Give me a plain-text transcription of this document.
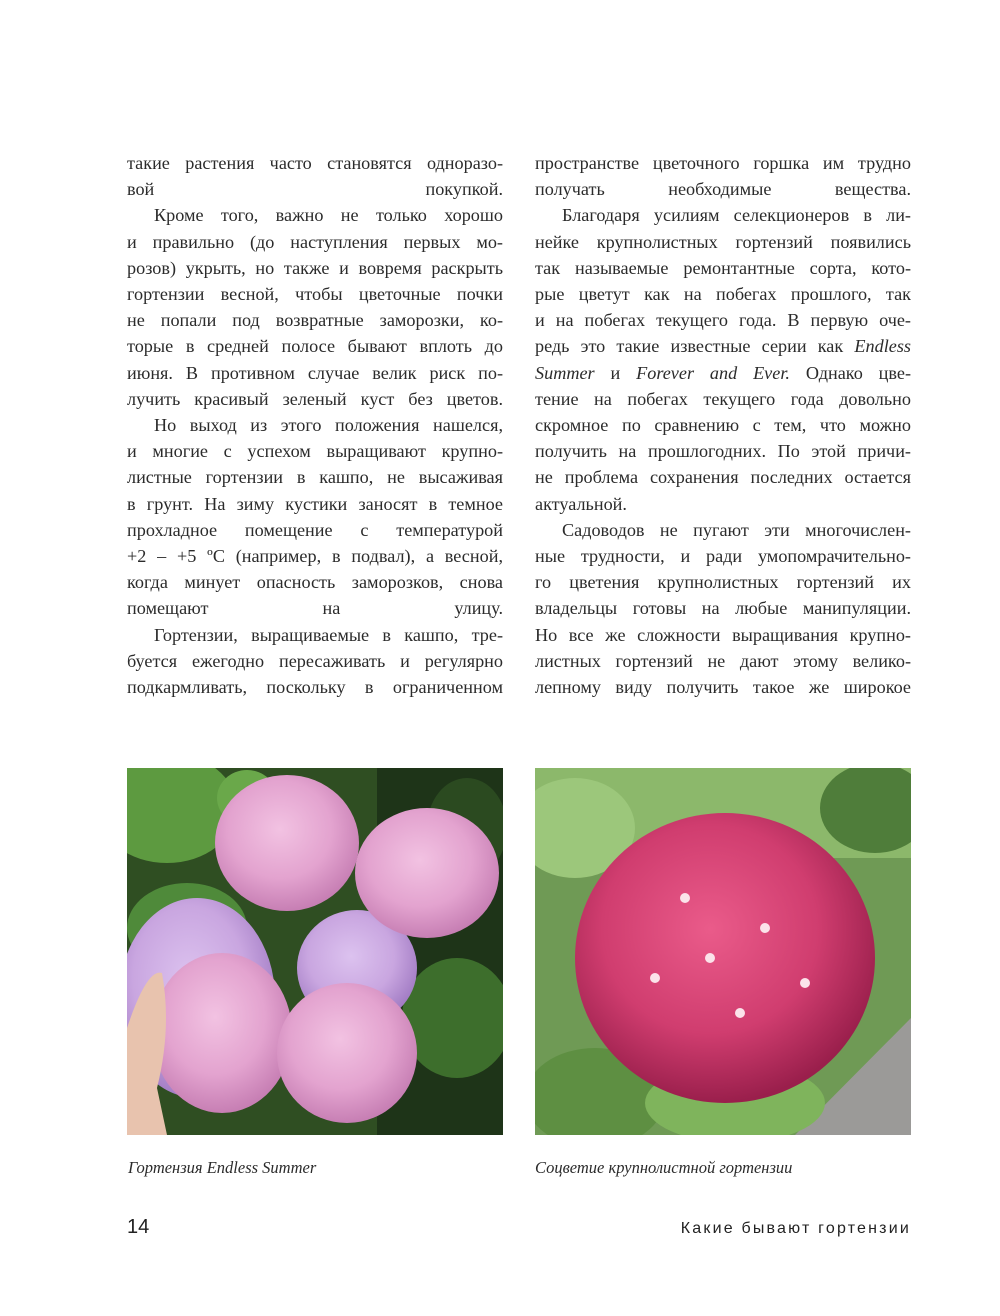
такие растения часто становятся одноразо-
вой покупкой.

Кроме того, важно не только хорошо
и правильно (до наступления первых мо-
розов) укрыть, но также и вовремя раскрыть
гортензии весной, чтобы цветочные почки
не попали под возвратные заморозки, ко-
торые в средней полосе бывают вплоть до
июня. В противном случае велик риск по-
лучить красивый зеленый куст без цветов.

Но выход из этого положения нашелся,
и многие с успехом выращивают крупно-
листные гортензии в кашпо, не высаживая
в грунт. На зиму кустики заносят в темное
прохладное помещение с температурой
+2 – +5 ºC (например, в подвал), а весной,
когда минует опасность заморозков, снова
помещают на улицу.

Гортензии, выращиваемые в кашпо, тре-
буется ежегодно пересаживать и регулярно
подкармливать, поскольку в ограниченном

пространстве цветочного горшка им трудно
получать необходимые вещества.

Благодаря усилиям селекционеров в ли-
нейке крупнолистных гортензий появились
так называемые ремонтантные сорта, кото-
рые цветут как на побегах прошлого, так
и на побегах текущего года. В первую оче-
редь это такие известные серии как Endless
Summer и Forever and Ever. Однако цве-
тение на побегах текущего года довольно
скромное по сравнению с тем, что можно
получить на прошлогодних. По этой причи-
не проблема сохранения последних остается
актуальной.

Садоводов не пугают эти многочислен-
ные трудности, и ради умопомрачительно-
го цветения крупнолистных гортензий их
владельцы готовы на любые манипуляции.
Но все же сложности выращивания крупно-
листных гортензий не дают этому велико-
лепному виду получить такое же широкое

Гортензия Endless Summer	Соцветие крупнолистной гортензии
14	Какие бывают гортензии
